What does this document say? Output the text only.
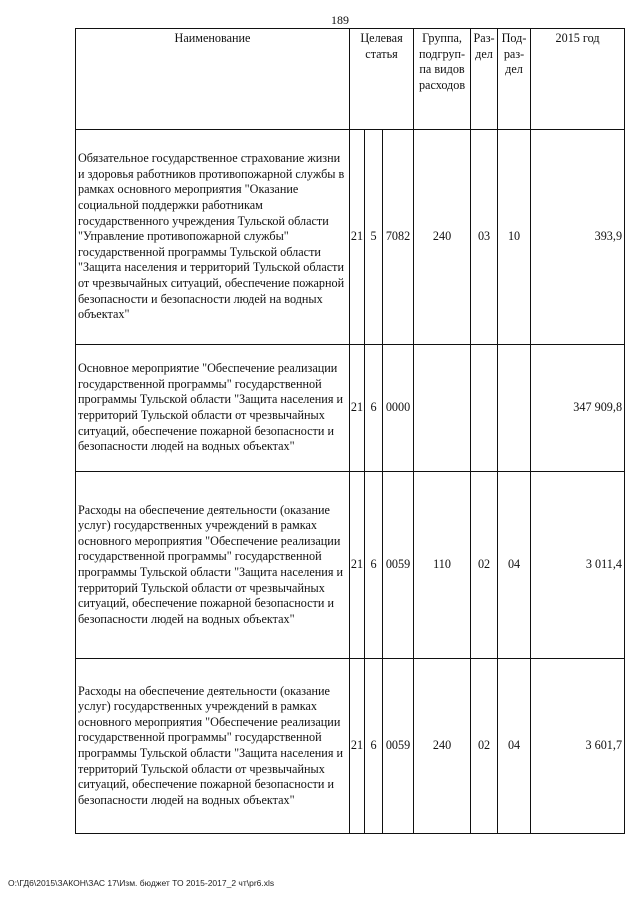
189
Наименование	Целевая статья			Группа, подгруп-па видов расходов	Раз-дел	Под-раз-дел	2015 год
Обязательное государственное страхование жизни и здоровья работников противопожарной службы в рамках основного мероприятия "Оказание социальной поддержки работникам государственного учреждения Тульской области "Управление противопожарной службы" государственной программы Тульской области "Защита населения и территорий Тульской области от чрезвычайных ситуаций, обеспечение пожарной безопасности и безопасности людей на водных объектах"	21	5	7082	240	03	10	393,9
Основное мероприятие "Обеспечение реализации государственной программы" государственной программы Тульской области "Защита населения и территорий Тульской области от чрезвычайных ситуаций, обеспечение пожарной безопасности и безопасности людей на водных объектах"	21	6	0000				347 909,8
Расходы на обеспечение деятельности (оказание услуг) государственных учреждений в рамках основного мероприятия "Обеспечение реализации государственной программы" государственной программы Тульской области "Защита населения и территорий Тульской области от чрезвычайных ситуаций, обеспечение пожарной безопасности и безопасности людей на водных объектах"	21	6	0059	110	02	04	3 011,4
Расходы на обеспечение деятельности (оказание услуг) государственных учреждений в рамках основного мероприятия "Обеспечение реализации государственной программы" государственной программы Тульской области "Защита населения и территорий Тульской области от чрезвычайных ситуаций, обеспечение пожарной безопасности и безопасности людей на водных объектах"	21	6	0059	240	02	04	3 601,7
O:\ГД6\2015\ЗАКОН\ЗАС 17\Изм. бюджет ТО 2015-2017_2 чт\pr6.xls
